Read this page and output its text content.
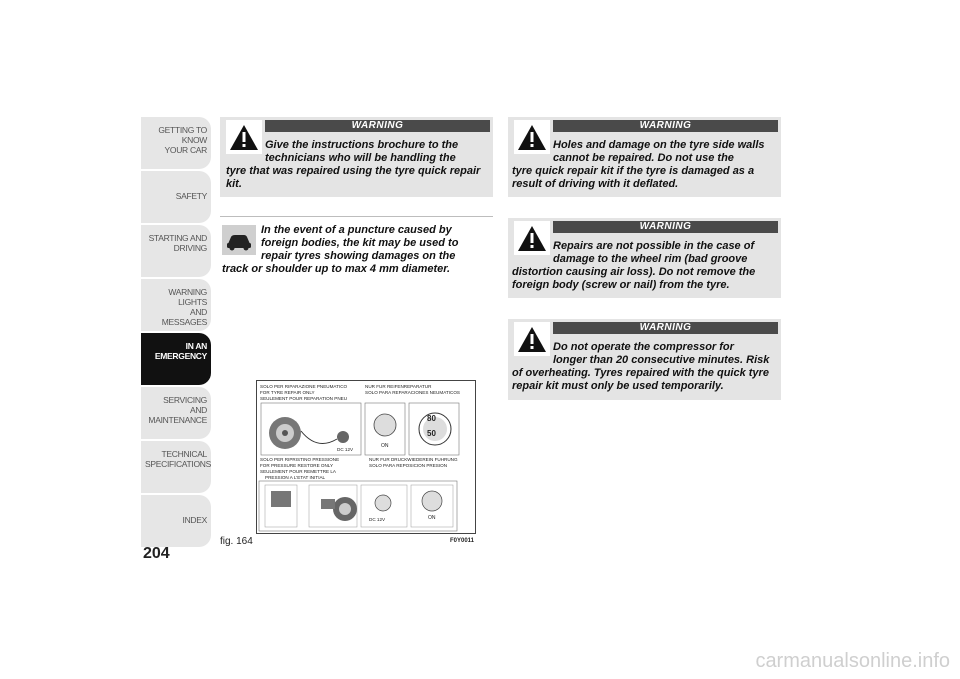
GETTING TO KNOW
YOUR CAR
SAFETY
STARTING AND
DRIVING
WARNING LIGHTS
AND MESSAGES
IN AN
EMERGENCY
SERVICING AND
MAINTENANCE
TECHNICAL
SPECIFICATIONS
INDEX
204
WARNING
Give the instructions brochure to the
technicians who will be handling the
tyre that was repaired using the tyre quick repair kit.
In the event of a puncture caused by
foreign bodies, the kit may be used to
repair tyres showing damages on the
track or shoulder up to max 4 mm diameter.
SOLO PER RIPARAZIONE PNEUMATICO
FOR TYRE REPAIR ONLY
SEULEMENT POUR REPARATION PNEU
NUR FUR REIFENREPARATUR
SOLO PARA REPARACIONES NEUMATICOS
SOLO PER RIPRISTINO PRESSIONE
FOR PRESSURE RESTORE ONLY
SEULEMENT POUR REMETTRE LA
PRESSION A L'ETAT INITIAL
NUR FUR DRUCKWIEDEREIN FUHRUNG
SOLO PARA REPOSICION PRESION
ON
80
50
DC 12V
ON
DC 12V
fig. 164	F0Y0011
WARNING
Holes and damage on the tyre side walls
cannot be repaired. Do not use the
tyre quick repair kit if the tyre is damaged as a result of driving with it deflated.
WARNING
Repairs are not possible in the case of
damage to the wheel rim (bad groove
distortion causing air loss). Do not remove the foreign body (screw or nail) from the tyre.
WARNING
Do not operate the compressor for
longer than 20 consecutive minutes. Risk
of overheating. Tyres repaired with the quick tyre repair kit must only be used temporarily.
carmanualsonline.info
